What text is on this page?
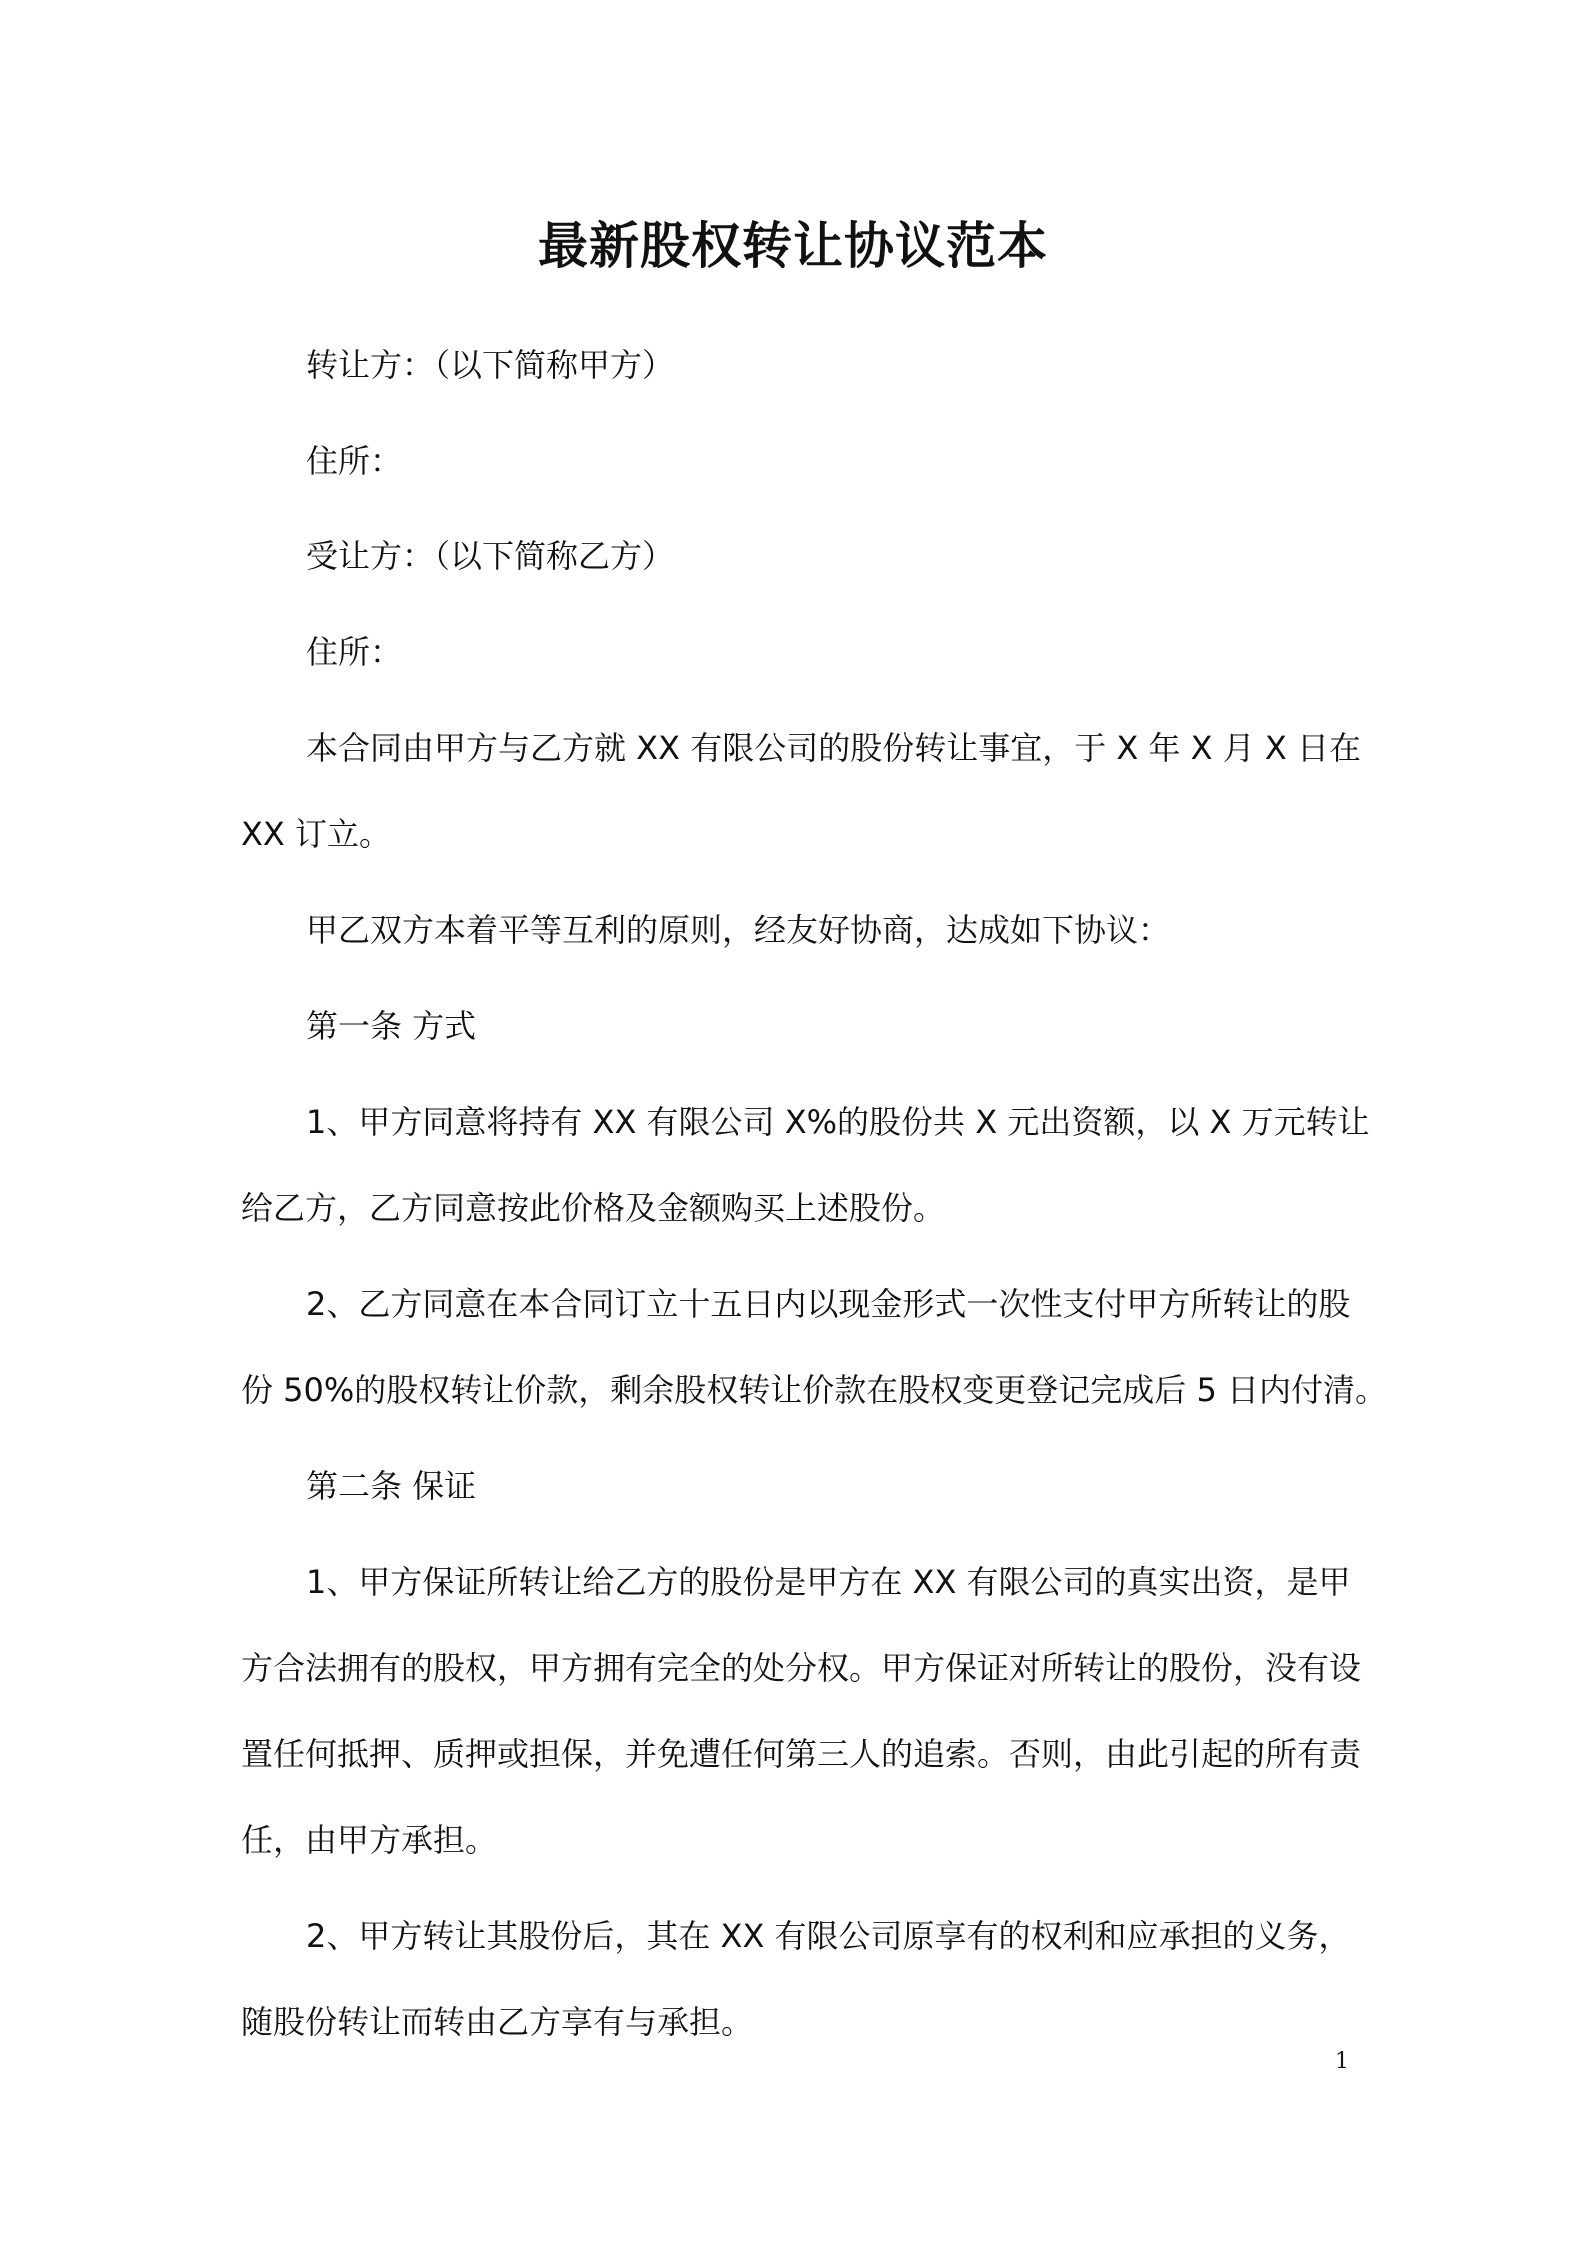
最新股权转让协议范本
转让方：（以下简称甲方）
住所：
受让方：（以下简称乙方）
住所：
本合同由甲方与乙方就 XX 有限公司的股份转让事宜，于 X 年 X 月 X 日在
XX 订立。
甲乙双方本着平等互利的原则，经友好协商，达成如下协议：
第一条 方式
1、甲方同意将持有 XX 有限公司 X%的股份共 X 元出资额，以 X 万元转让
给乙方，乙方同意按此价格及金额购买上述股份。
2、乙方同意在本合同订立十五日内以现金形式一次性支付甲方所转让的股
份 50%的股权转让价款，剩余股权转让价款在股权变更登记完成后 5 日内付清。
第二条 保证
1、甲方保证所转让给乙方的股份是甲方在 XX 有限公司的真实出资，是甲
方合法拥有的股权，甲方拥有完全的处分权。甲方保证对所转让的股份，没有设
置任何抵押、质押或担保，并免遭任何第三人的追索。否则，由此引起的所有责
任，由甲方承担。
2、甲方转让其股份后，其在 XX 有限公司原享有的权利和应承担的义务，
随股份转让而转由乙方享有与承担。
1
